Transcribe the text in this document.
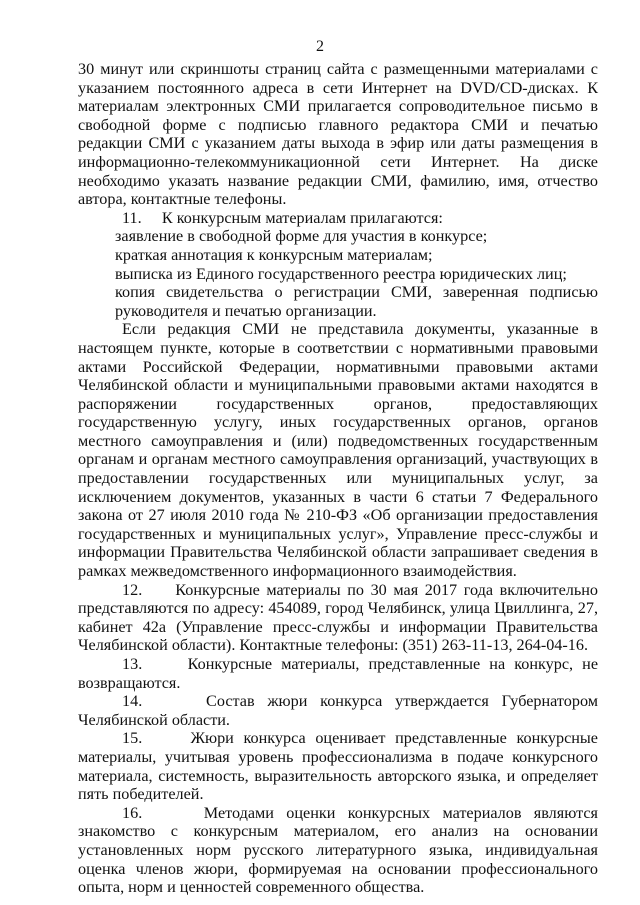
2

30 минут или скриншоты страниц сайта с размещенными материалами с указанием постоянного адреса в сети Интернет на DVD/CD-дисках. К материалам электронных СМИ прилагается сопроводительное письмо в свободной форме с подписью главного редактора СМИ и печатью редакции СМИ с указанием даты выхода в эфир или даты размещения в информационно-телекоммуникационной сети Интернет. На диске необходимо указать название редакции СМИ, фамилию, имя, отчество автора, контактные телефоны.

11.     К конкурсным материалам прилагаются:

заявление в свободной форме для участия в конкурсе;

краткая аннотация к конкурсным материалам;

выписка из Единого государственного реестра юридических лиц;

копия свидетельства о регистрации СМИ, заверенная подписью руководителя и печатью организации.

Если редакция СМИ не представила документы, указанные в настоящем пункте, которые в соответствии с нормативными правовыми актами Российской Федерации, нормативными правовыми актами Челябинской области и муниципальными правовыми актами находятся в распоряжении государственных органов, предоставляющих государственную услугу, иных государственных органов, органов местного самоуправления и (или) подведомственных государственным органам и органам местного самоуправления организаций, участвующих в предоставлении государственных или муниципальных услуг, за исключением документов, указанных в части 6 статьи 7 Федерального закона от 27 июля 2010 года № 210-ФЗ «Об организации предоставления государственных и муниципальных услуг», Управление пресс-службы и информации Правительства Челябинской области запрашивает сведения в рамках межведомственного информационного взаимодействия.

12.     Конкурсные материалы по 30 мая 2017 года включительно представляются по адресу: 454089, город Челябинск, улица Цвиллинга, 27, кабинет 42а (Управление пресс-службы и информации Правительства Челябинской области). Контактные телефоны: (351) 263-11-13, 264-04-16.

13.     Конкурсные материалы, представленные на конкурс, не возвращаются.

14.     Состав жюри конкурса утверждается Губернатором Челябинской области.

15.     Жюри конкурса оценивает представленные конкурсные материалы, учитывая уровень профессионализма в подаче конкурсного материала, системность, выразительность авторского языка, и определяет пять победителей.

16.     Методами оценки конкурсных материалов являются знакомство с конкурсным материалом, его анализ на основании установленных норм русского литературного языка, индивидуальная оценка членов жюри, формируемая на основании профессионального опыта, норм и ценностей современного общества.
